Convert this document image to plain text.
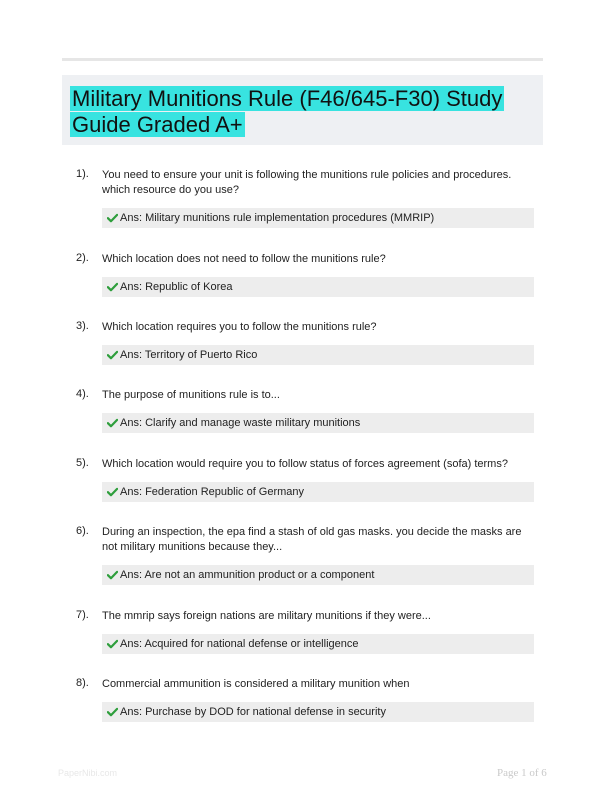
Military Munitions Rule (F46/645-F30) Study Guide Graded A+
1). You need to ensure your unit is following the munitions rule policies and procedures. which resource do you use?
Ans: Military munitions rule implementation procedures (MMRIP)
2). Which location does not need to follow the munitions rule?
Ans: Republic of Korea
3). Which location requires you to follow the munitions rule?
Ans: Territory of Puerto Rico
4). The purpose of munitions rule is to...
Ans: Clarify and manage waste military munitions
5). Which location would require you to follow status of forces agreement (sofa) terms?
Ans: Federation Republic of Germany
6). During an inspection, the epa find a stash of old gas masks. you decide the masks are not military munitions because they...
Ans: Are not an ammunition product or a component
7). The mmrip says foreign nations are military munitions if they were...
Ans: Acquired for national defense or intelligence
8). Commercial ammunition is considered a military munition when
Ans: Purchase by DOD for national defense in security
PaperNibi.com	Page 1 of 6
